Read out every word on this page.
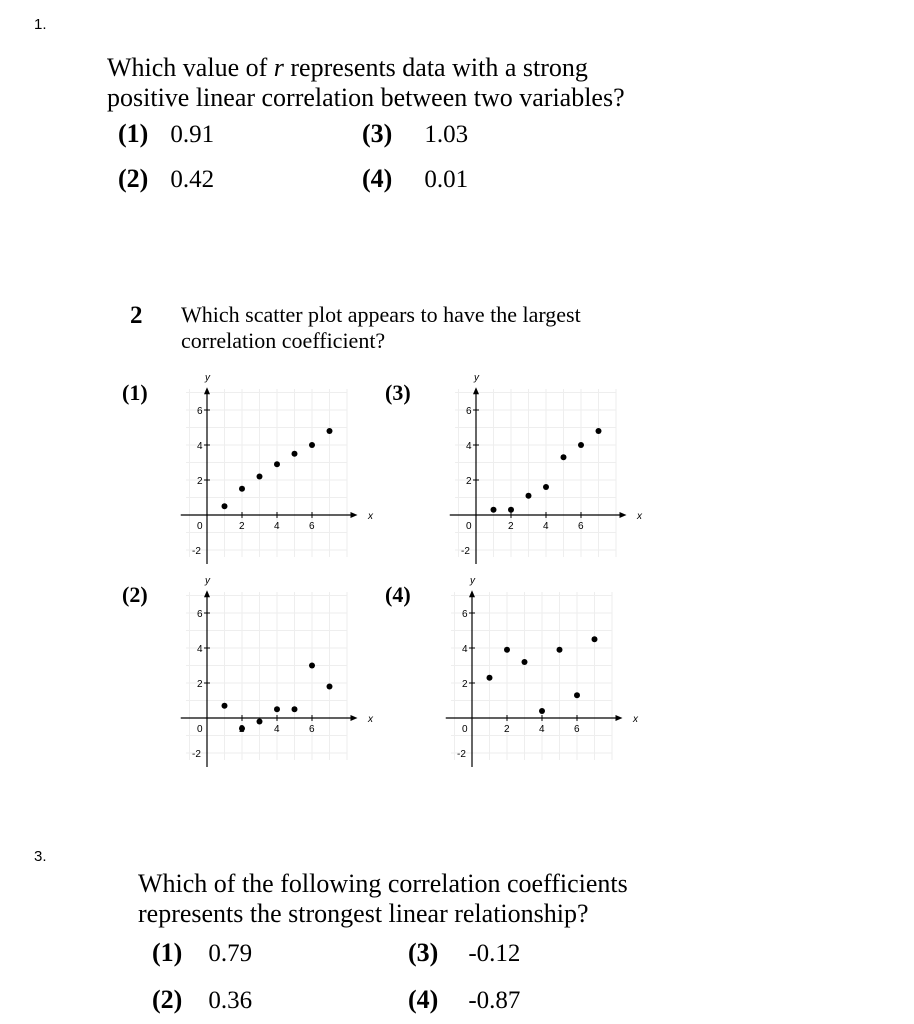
1.
Which value of r represents data with a strong
positive linear correlation between two variables?
(1) 0.91
(2) 0.42
(3) 1.03
(4) 0.01
2 Which scatter plot appears to have the largest
correlation coefficient?
(1)
(2)
(3)
(4)
x
y
2	4	6
6
4
2
0
-2
x
y
4	6
6
4
2
0
-2
x
y
2	4	6
6
4
2
0
-2
x
y
2	4	6
6
4
2
0
-2
3.
Which of the following correlation coefficients
represents the strongest linear relationship?
(1) 0.79
(2) 0.36
(3) -0.12
(4) -0.87
